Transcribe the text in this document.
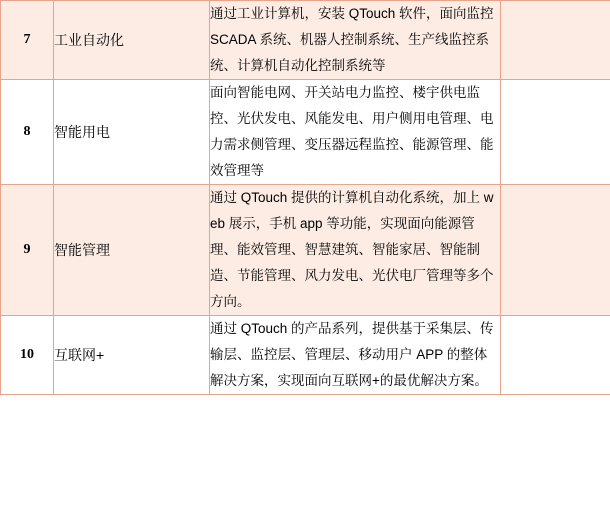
7	工业自动化	通过工业计算机，安装 QTouch 软件，面向监控 SCADA 系统、机器人控制系统、生产线监控系统、计算机自动化控制系统等	

8	智能用电	面向智能电网、开关站电力监控、楼宇供电监控、光伏发电、风能发电、用户侧用电管理、电力需求侧管理、变压器远程监控、能源管理、能效管理等	

9	智能管理	通过 QTouch 提供的计算机自动化系统，加上 web 展示，手机 app 等功能，实现面向能源管理、能效管理、智慧建筑、智能家居、智能制造、节能管理、风力发电、光伏电厂管理等多个方向。	

10	互联网+	通过 QTouch 的产品系列，提供基于采集层、传输层、监控层、管理层、移动用户 APP 的整体解决方案，实现面向互联网+的最优解决方案。	
